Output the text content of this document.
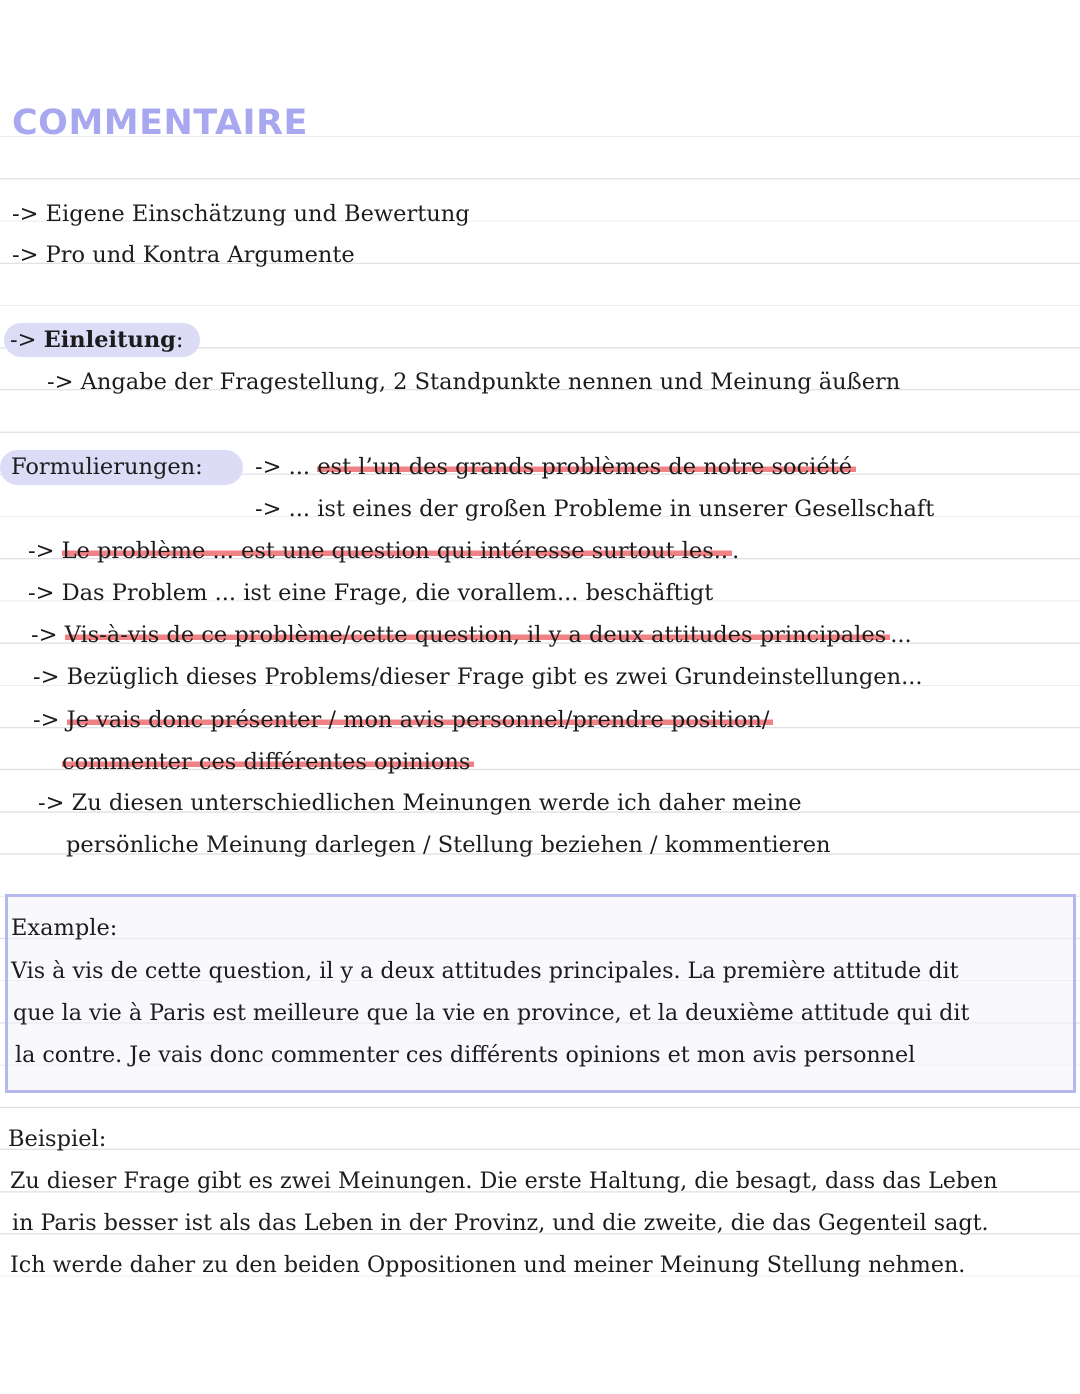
COMMENTAIRE
-> Eigene Einschätzung und Bewertung
-> Pro und Kontra Argumente
-> Einleitung:
-> Angabe der Fragestellung, 2 Standpunkte nennen und Meinung äußern
Formulierungen: -> ... est l’un des grands problèmes de notre société
-> ... ist eines der großen Probleme in unserer Gesellschaft
-> Le problème ... est une question qui intéresse surtout les.. .
-> Das Problem ... ist eine Frage, die vorallem... beschäftigt
-> Vis-à-vis de ce problème/cette question, il y a deux attitudes principales ...
-> Bezüglich dieses Problems/dieser Frage gibt es zwei Grundeinstellungen...
-> Je vais donc présenter / mon avis personnel/prendre position/
commenter ces différentes opinions
-> Zu diesen unterschiedlichen Meinungen werde ich daher meine
persönliche Meinung darlegen / Stellung beziehen / kommentieren
Example:
Vis à vis de cette question, il y a deux attitudes principales. La première attitude dit
que la vie à Paris est meilleure que la vie en province, et la deuxième attitude qui dit
la contre. Je vais donc commenter ces différents opinions et mon avis personnel
Beispiel:
Zu dieser Frage gibt es zwei Meinungen. Die erste Haltung, die besagt, dass das Leben
in Paris besser ist als das Leben in der Provinz, und die zweite, die das Gegenteil sagt.
Ich werde daher zu den beiden Oppositionen und meiner Meinung Stellung nehmen.
